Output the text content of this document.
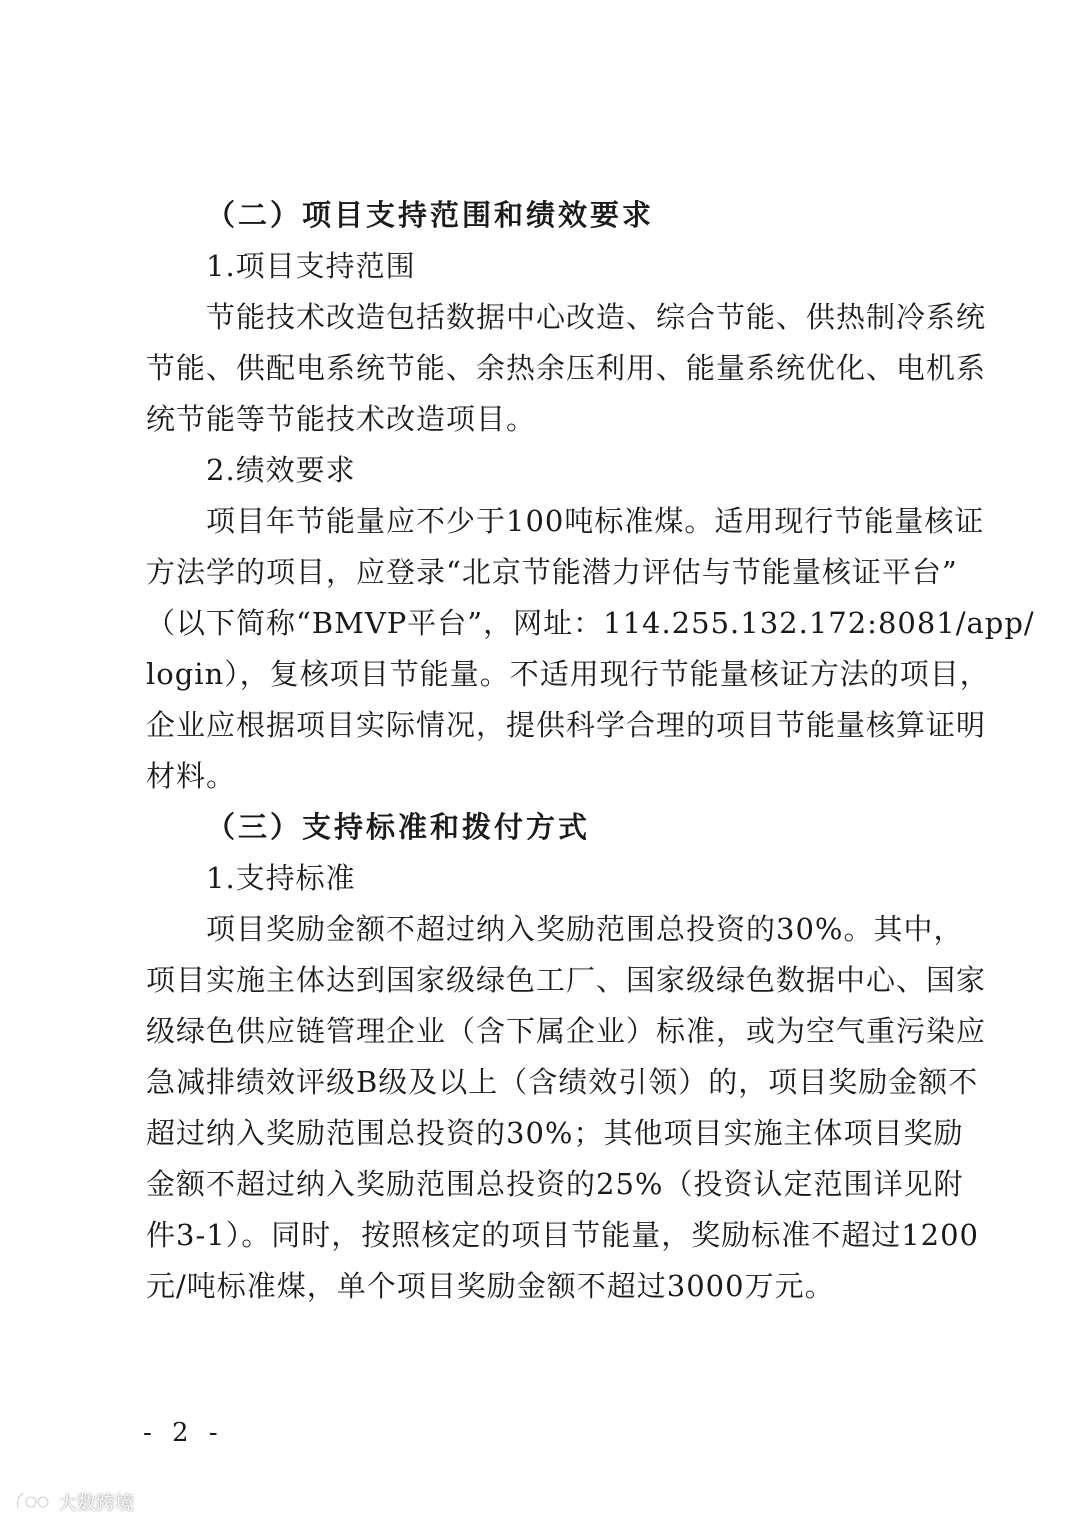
（二）项目支持范围和绩效要求
1.项目支持范围
节能技术改造包括数据中心改造、综合节能、供热制冷系统
节能、供配电系统节能、余热余压利用、能量系统优化、电机系
统节能等节能技术改造项目。
2.绩效要求
项目年节能量应不少于100吨标准煤。适用现行节能量核证
方法学的项目，应登录“北京节能潜力评估与节能量核证平台”
（以下简称“BMVP平台”，网址：114.255.132.172:8081/app/
login），复核项目节能量。不适用现行节能量核证方法的项目，
企业应根据项目实际情况，提供科学合理的项目节能量核算证明
材料。
（三）支持标准和拨付方式
1.支持标准
项目奖励金额不超过纳入奖励范围总投资的30%。其中，
项目实施主体达到国家级绿色工厂、国家级绿色数据中心、国家
级绿色供应链管理企业（含下属企业）标准，或为空气重污染应
急减排绩效评级B级及以上（含绩效引领）的，项目奖励金额不
超过纳入奖励范围总投资的30%；其他项目实施主体项目奖励
金额不超过纳入奖励范围总投资的25%（投资认定范围详见附
件3-1）。同时，按照核定的项目节能量，奖励标准不超过1200
元/吨标准煤，单个项目奖励金额不超过3000万元。
- 2 -
大数跨境
